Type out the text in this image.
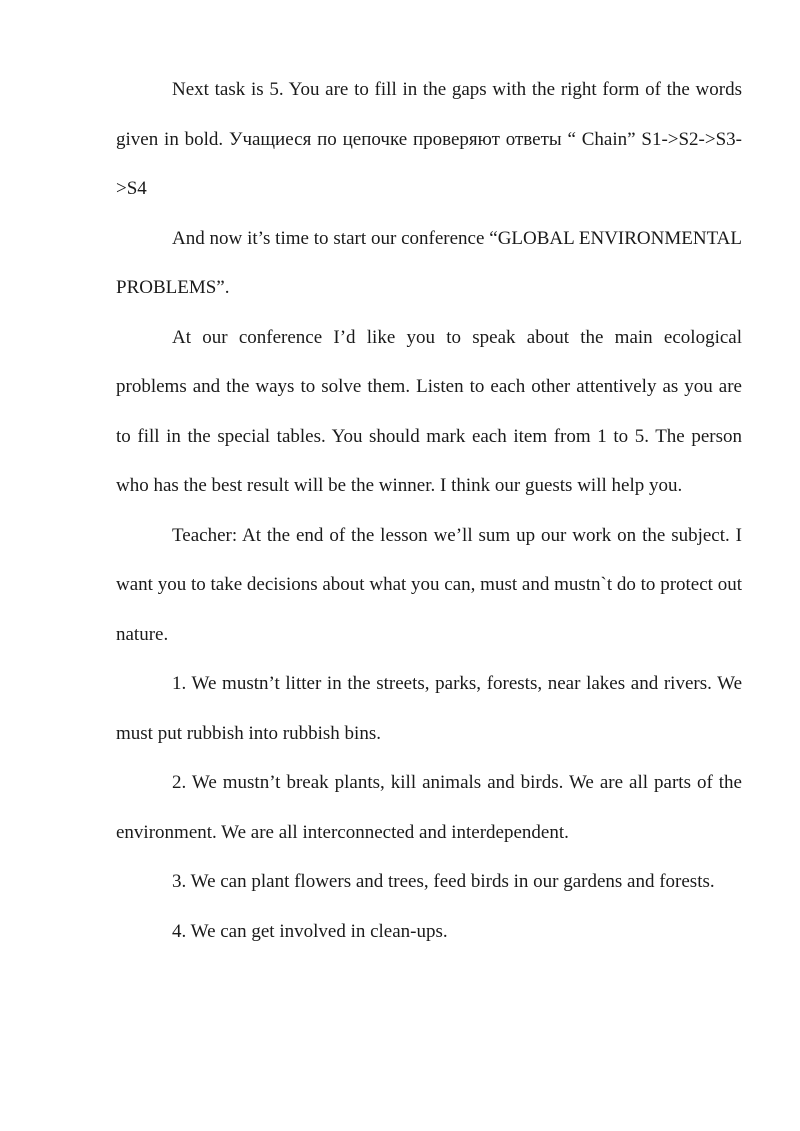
Next task is 5. You are to fill in the gaps with the right form of the words given in bold. Учащиеся по цепочке проверяют ответы “ Chain” S1->S2->S3->S4

And now it’s time to start our conference “GLOBAL ENVIRONMENTAL PROBLEMS”.

At our conference I’d like you to speak about the main ecological problems and the ways to solve them. Listen to each other attentively as you are to fill in the special tables. You should mark each item from 1 to 5. The person who has the best result will be the winner. I think our guests will help you.

Teacher: At the end of the lesson we’ll sum up our work on the subject. I want you to take decisions about what you can, must and mustn`t do to protect out nature.

1. We mustn’t litter in the streets, parks, forests, near lakes and rivers. We must put rubbish into rubbish bins.

2. We mustn’t break plants, kill animals and birds. We are all parts of the environment. We are all interconnected and interdependent.

3. We can plant flowers and trees, feed birds in our gardens and forests.

4. We can get involved in clean-ups.
